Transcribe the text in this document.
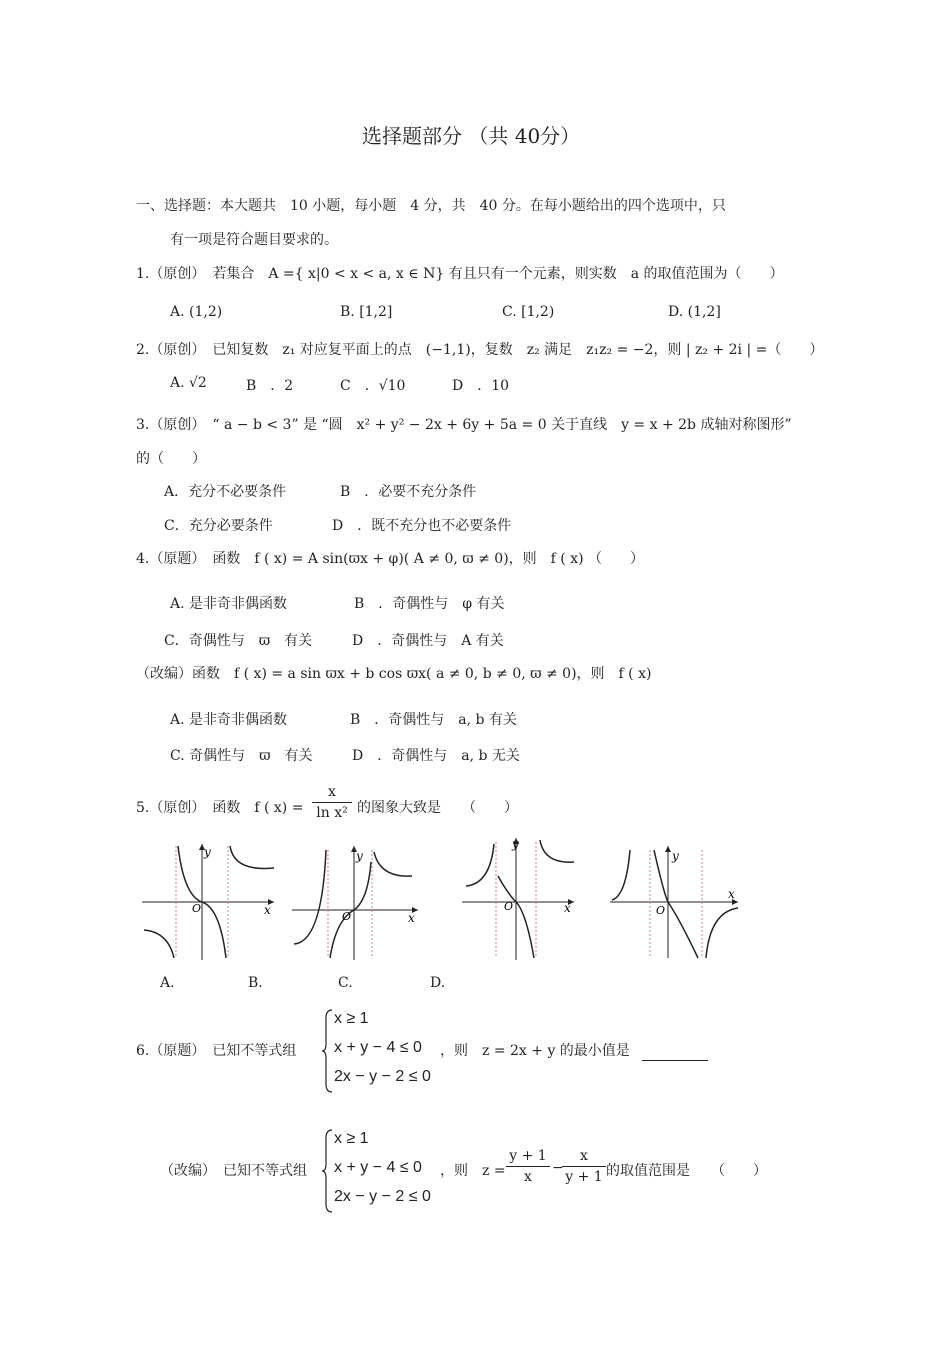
选择题部分 （共 40分）
一、选择题：本大题共　10 小题，每小题　4 分，共　40 分。在每小题给出的四个选项中，只
有一项是符合题目要求的。
1.（原创）　若集合　A ={ x|0 < x < a, x ∈ N} 有且只有一个元素，则实数　a 的取值范围为（　　）
A. (1,2)	B. [1,2]	C. [1,2)	D. (1,2]
2.（原创）　已知复数　z₁ 对应复平面上的点　(−1,1)，复数　z₂ 满足　z₁z₂ = −2，则 | z₂ + 2i | =（　　）
A. √2	B　．2	C　．√10	D　．10
3.（原创）　“ a − b < 3” 是 “圆　x² + y² − 2x + 6y + 5a = 0 关于直线　y = x + 2b 成轴对称图形”
的（　　）
A．充分不必要条件	B　．必要不充分条件
C．充分必要条件	D　．既不充分也不必要条件
4.（原题）　函数　f ( x) = A sin(ϖx + φ)( A ≠ 0, ϖ ≠ 0)，则　f ( x) （　　）
A. 是非奇非偶函数	B　．奇偶性与　φ 有关
C．奇偶性与　ϖ　有关	D　．奇偶性与　A 有关
（改编）函数　f ( x) = a sin ϖx + b cos ϖx( a ≠ 0, b ≠ 0, ϖ ≠ 0)，则　f ( x)
A. 是非奇非偶函数	B　．奇偶性与　a, b 有关
C. 奇偶性与　ϖ　有关	D　．奇偶性与　a, b 无关
5.（原创）　函数　f ( x) =
x
ln x² 的图象大致是　　（　　）
y
x
O
y
x
O
y
x
O
y
x
O
A.	B.	C.	D.
6.（原题）　已知不等式组
x ≥ 1
x + y − 4 ≤ 0
2x − y − 2 ≤ 0
，则　z = 2x + y 的最小值是
（改编）　已知不等式组
x ≥ 1
x + y − 4 ≤ 0
2x − y − 2 ≤ 0
，则　z =
y + 1
x
−
x
y + 1 的取值范围是　　（　　）
